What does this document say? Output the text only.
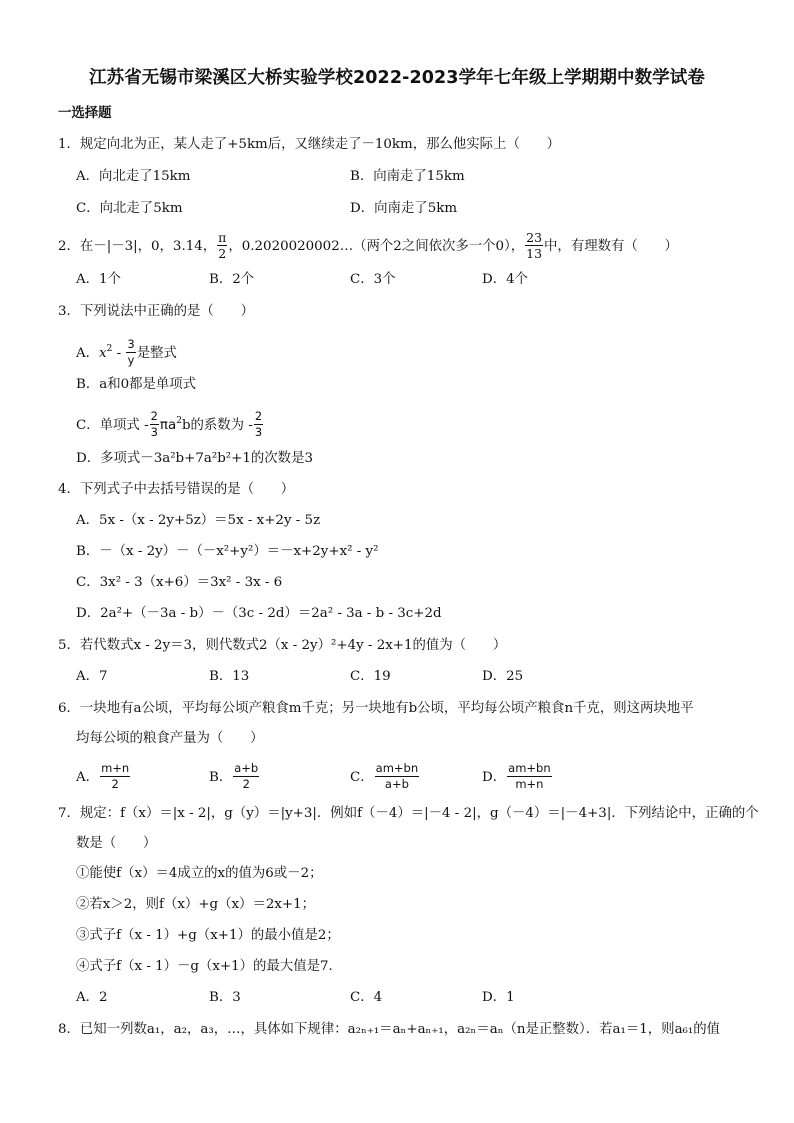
江苏省无锡市梁溪区大桥实验学校2022-2023学年七年级上学期期中数学试卷
一选择题
1．规定向北为正，某人走了+5km后，又继续走了－10km，那么他实际上（　　）
A．向北走了15km	B．向南走了15km
C．向北走了5km	D．向南走了5km
2．在－|－3|，0，3.14， $\frac{\pi}{2}$ ，0.2020020002…（两个2之间依次多一个0）， $\frac{23}{13}$ 中，有理数有（　　）
A．1个	B．2个	C．3个	D．4个
3．下列说法中正确的是（　　）
A．$x^2 - \frac{3}{y}$ 是整式
B．a和0都是单项式
C．单项式 - $\frac{2}{3} \pi a^2b$的系数为 - $\frac{2}{3}$
D．多项式－3a²b+7a²b²+1的次数是3
4．下列式子中去括号错误的是（　　）
A．5x -（x - 2y+5z）＝5x - x+2y - 5z
B．－（x - 2y）－（－x²+y²）＝－x+2y+x² - y²
C．3x² - 3（x+6）＝3x² - 3x - 6
D．2a²+（－3a - b）－（3c - 2d）＝2a² - 3a - b - 3c+2d
5．若代数式x - 2y＝3，则代数式2（x - 2y）²+4y - 2x+1的值为（　　）
A．7	B．13	C．19	D．25
6．一块地有a公顷，平均每公顷产粮食m千克；另一块地有b公顷，平均每公顷产粮食n千克，则这两块地平
均每公顷的粮食产量为（　　）
A． $\frac{m+n}{2}$	B． $\frac{a+b}{2}$	C． $\frac{am+bn}{a+b}$	D． $\frac{am+bn}{m+n}$
7．规定：f（x）＝|x - 2|，g（y）＝|y+3|．例如f（－4）＝|－4 - 2|，g（－4）＝|－4+3|．下列结论中，正确的个
数是（　　）
①能使f（x）＝4成立的x的值为6或－2；
②若x＞2，则f（x）+g（x）＝2x+1；
③式子f（x - 1）+g（x+1）的最小值是2；
④式子f（x - 1）－g（x+1）的最大值是7．
A．2	B．3	C．4	D．1
8．已知一列数a₁，a₂，a₃，…，具体如下规律：a₂ₙ₊₁＝aₙ+aₙ₊₁，a₂ₙ＝aₙ（n是正整数）．若a₁＝1，则a₆₁的值
